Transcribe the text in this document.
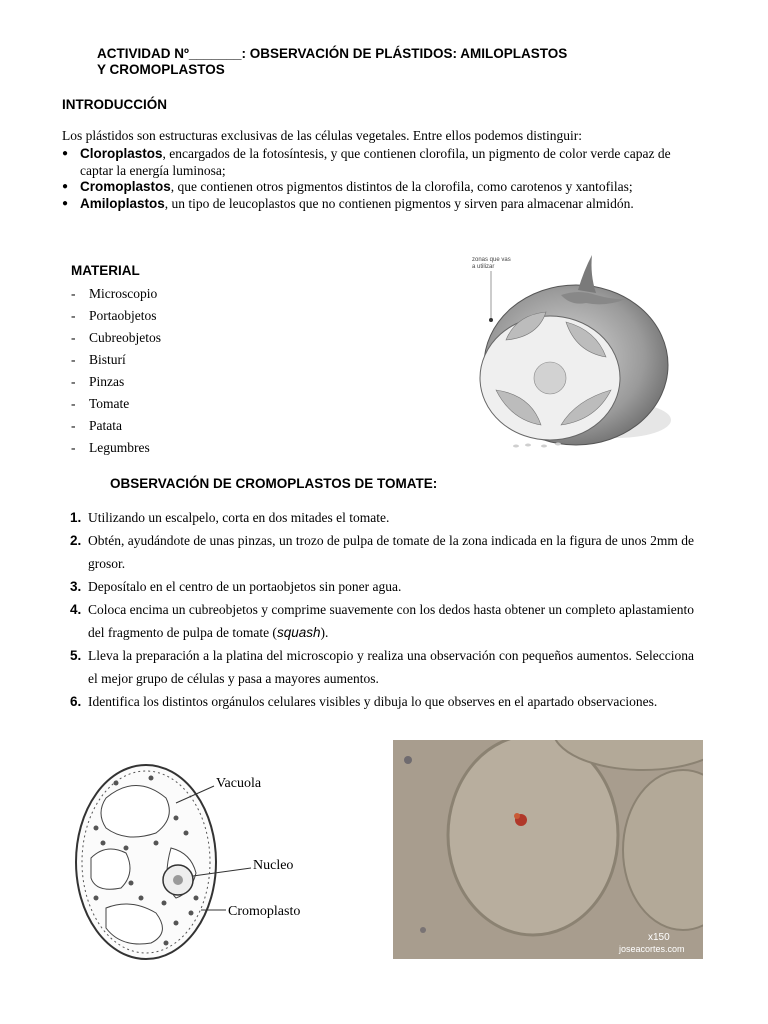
ACTIVIDAD Nº_______: OBSERVACIÓN DE PLÁSTIDOS: AMILOPLASTOS
Y CROMOPLASTOS
INTRODUCCIÓN
Los plástidos son estructuras exclusivas de las células vegetales. Entre ellos podemos distinguir:
● Cloroplastos, encargados de la fotosíntesis, y que contienen clorofila, un pigmento de color verde capaz de captar la energía luminosa;
● Cromoplastos, que contienen otros pigmentos distintos de la clorofila, como carotenos y xantofilas;
● Amiloplastos, un tipo de leucoplastos que no contienen pigmentos y sirven para almacenar almidón.
MATERIAL
- Microscopio
- Portaobjetos
- Cubreobjetos
- Bisturí
- Pinzas
- Tomate
- Patata
- Legumbres
zonas que vas
a utilizar
OBSERVACIÓN DE CROMOPLASTOS DE TOMATE:
1. Utilizando un escalpelo, corta en dos mitades el tomate.
2. Obtén, ayudándote de unas pinzas, un trozo de pulpa de tomate de la zona indicada en la figura de unos 2mm de grosor.
3. Deposítalo en el centro de un portaobjetos sin poner agua.
4. Coloca encima un cubreobjetos y comprime suavemente con los dedos hasta obtener un completo aplastamiento del fragmento de pulpa de tomate (squash).
5. Lleva la preparación a la platina del microscopio y realiza una observación con pequeños aumentos. Selecciona el mejor grupo de células y pasa a mayores aumentos.
6. Identifica los distintos orgánulos celulares visibles y dibuja lo que observes en el apartado observaciones.
Vacuola
Nucleo
Cromoplasto
x150
joseacortes.com
